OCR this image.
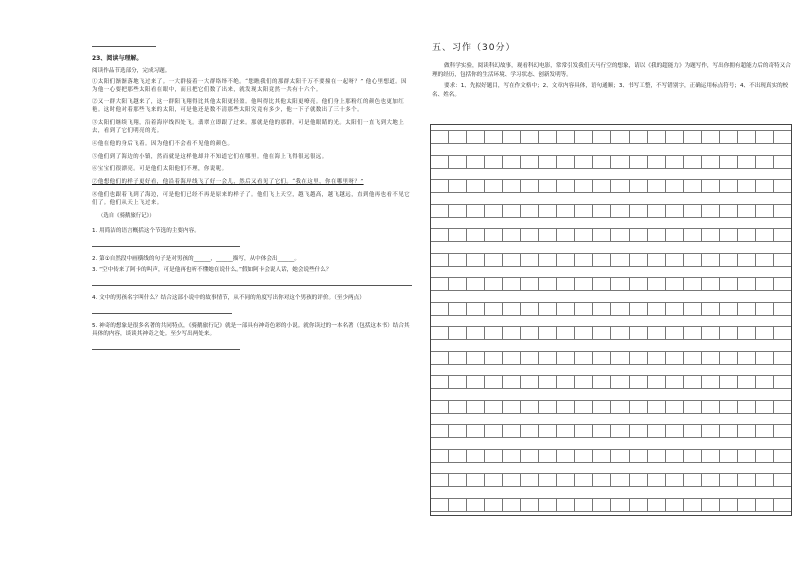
23、阅读与理解。
阅读作品节选部分，完成习题。

①太阳们渐渐落地飞过来了。一大群接着一大群络绎不绝。“您瞧我们的那群太阳千万不要撞在一起呀？” 他心里想道。因为他一心要把那些太阳看在眼中，而且把它们数了出来，就发现太阳竟然一共有十六个。

②又一群大阳飞越来了，这一群阳飞翔得比其他太阳更轻盈。他叫得比其他太阳更嘹亮。他们身上那粉红的颜色也更加红艳。这时他对着那些飞来的太阳，可是他还是数不清那些太阳究竟有多少，他一下子就数出了三十多个。

③太阳们继续飞翔，沿着海岸线四处飞。翡翠立即跟了过来。那就是他的那群。可是他眼睛的光。太阳们一直飞到大地上去，看到了它们明亮的光。

④他在他的身后飞着。因为他们不会看不见他的颜色。

⑤他们到了海边的小镇，然而就是这样他却并不知道它们在哪里。他在海上飞得很远很远。

⑥宝宝们很漂亮。可是他们太阳他们不理，你说呢。

⑦他想他们的样子更好看，他沿着海岸线飞了好一会儿，然后又看见了它们。“我在这里，你在哪里呀？”

⑧他们也跟着飞到了海边，可是他们已经不再是原来的样子了。他们飞上天空，越飞越高，越飞越远，直到他再也看不见它们了。他们从天上飞过来。

（选自《骑鹅旅行记》）
1. 用简洁的语言概括这个节选的主要内容。
2. 第①自然段中画横线的句子是对男孩的______，______描写，从中体会出______。
3. “空中传来了阿卡的叫声，可是他再也听不懂她在说什么。”假如阿卡会说人话，她会说些什么？
4. 文中的男孩名字叫什么？结合这部小说中的故事情节，从不同的角度写出你对这个男孩的评价。（至少两点）
5. 神奇的想象是很多名著的共同特点，《骑鹅旅行记》就是一部具有神奇色彩的小说。就你读过的一本名著（包括这本书）结合其具体的内容，谈谈其神奇之处。至少写出两处来。
五、习作（30分）

做科学实验，阅读科幻故事，观看科幻电影，常常引发我们天马行空的想象，请以《我的超能力》为题写作，写出你拥有超能力后的奇特又合理的经历，包括你的生活环境、学习状态、创新发明等。

要求：1、先拟好题目，写在作文格中；2、文章内容具体，语句通顺；3、书写工整，不写错别字，正确运用标点符号；4、不出现真实的校名、姓名。
